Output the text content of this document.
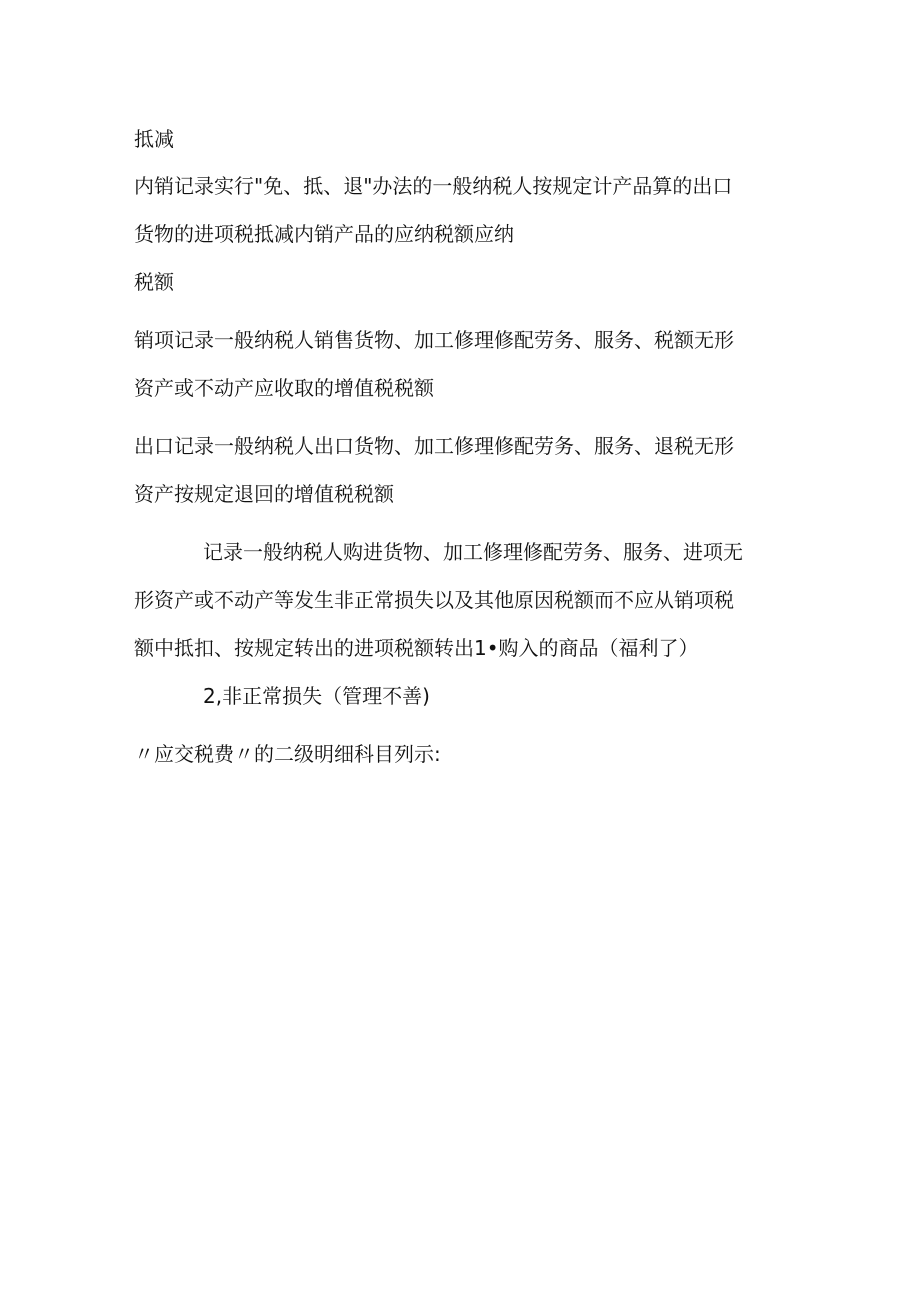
抵减
内销记录实行"免、抵、退"办法的一般纳税人按规定计产品算的出口
货物的进项税抵减内销产品的应纳税额应纳
税额
销项记录一般纳税人销售货物、加工修理修配劳务、服务、税额无形
资产或不动产应收取的增值税税额
出口记录一般纳税人出口货物、加工修理修配劳务、服务、退税无形
资产按规定退回的增值税税额
记录一般纳税人购进货物、加工修理修配劳务、服务、进项无
形资产或不动产等发生非正常损失以及其他原因税额而不应从销项税
额中抵扣、按规定转出的进项税额转出1•购入的商品（福利了）
2,非正常损失（管理不善)
〃应交税费〃的二级明细科目列示:
